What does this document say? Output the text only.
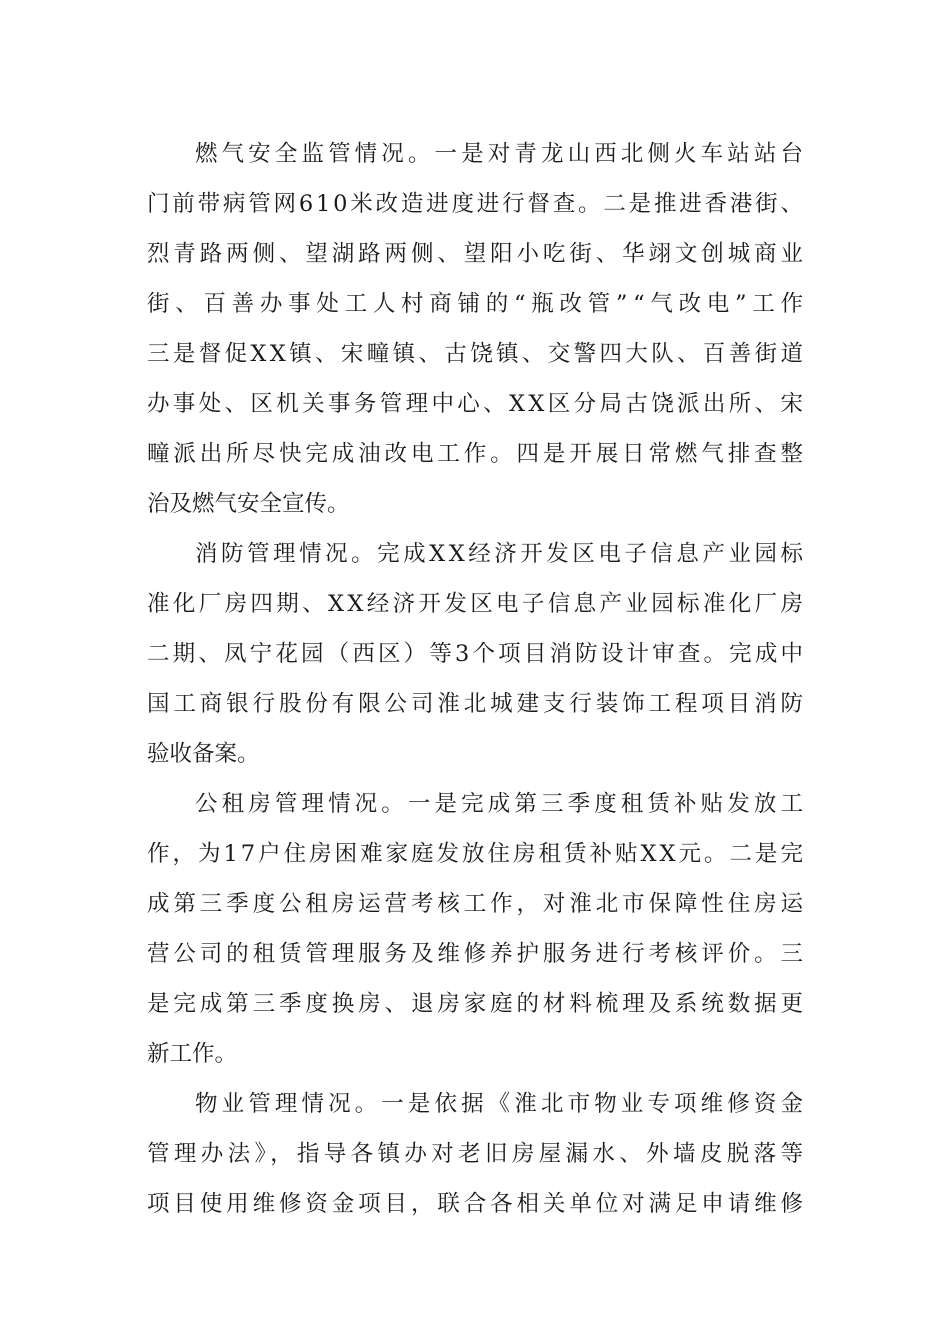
燃气安全监管情况。一是对青龙山西北侧火车站站台

门前带病管网610米改造进度进行督查。二是推进香港街、

烈青路两侧、望湖路两侧、望阳小吃街、华翊文创城商业

街、百善办事处工人村商铺的“瓶改管”“气改电”工作

三是督促XX镇、宋疃镇、古饶镇、交警四大队、百善街道

办事处、区机关事务管理中心、XX区分局古饶派出所、宋

疃派出所尽快完成油改电工作。四是开展日常燃气排查整

治及燃气安全宣传。

消防管理情况。完成XX经济开发区电子信息产业园标

准化厂房四期、XX经济开发区电子信息产业园标准化厂房

二期、凤宁花园（西区）等3个项目消防设计审查。完成中

国工商银行股份有限公司淮北城建支行装饰工程项目消防

验收备案。

公租房管理情况。一是完成第三季度租赁补贴发放工

作，为17户住房困难家庭发放住房租赁补贴XX元。二是完

成第三季度公租房运营考核工作，对淮北市保障性住房运

营公司的租赁管理服务及维修养护服务进行考核评价。三

是完成第三季度换房、退房家庭的材料梳理及系统数据更

新工作。

物业管理情况。一是依据《淮北市物业专项维修资金

管理办法》，指导各镇办对老旧房屋漏水、外墙皮脱落等

项目使用维修资金项目，联合各相关单位对满足申请维修
